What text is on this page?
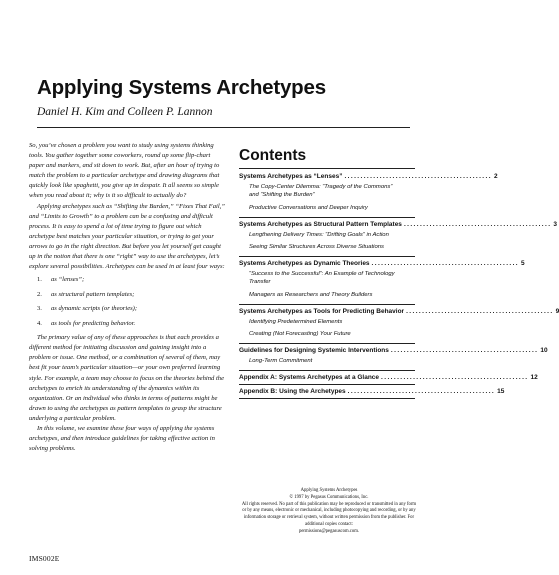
Applying Systems Archetypes
Daniel H. Kim and Colleen P. Lannon

So, you’ve chosen a problem you want to study using systems thinking tools. You gather together some coworkers, round up some flip-chart paper and markers, and sit down to work. But, after an hour of trying to match the problem to a particular archetype and drawing diagrams that quickly look like spaghetti, you give up in despair. It all seems so simple when you read about it; why is it so difficult to actually do?

Applying archetypes such as “Shifting the Burden,” “Fixes That Fail,” and “Limits to Growth” to a problem can be a confusing and difficult process. It is easy to spend a lot of time trying to figure out which archetype best matches your particular situation, or trying to get your arrows to go in the right direction. But before you let yourself get caught up in the notion that there is one “right” way to use the archetypes, let’s explore several possibilities. Archetypes can be used in at least four ways:

1. as “lenses”;
2. as structural pattern templates;
3. as dynamic scripts (or theories);
4. as tools for predicting behavior.

The primary value of any of these approaches is that each provides a different method for initiating discussion and gaining insight into a problem or issue. One method, or a combination of several of them, may best fit your team’s particular situation—or your own preferred learning style. For example, a team may choose to focus on the theories behind the archetypes to enrich its understanding of the dynamics within its organization. Or an individual who thinks in terms of patterns might be drawn to using the archetypes as pattern templates to grasp the structure underlying a particular problem.

In this volume, we examine these four ways of applying the systems archetypes, and then introduce guidelines for taking effective action in solving problems.

Contents
Systems Archetypes as “Lenses” .............................................. 2
The Copy-Center Dilemma: “Tragedy of the Commons” and “Shifting the Burden”
Productive Conversations and Deeper Inquiry
Systems Archetypes as Structural Pattern Templates .............................................. 3
Lengthening Delivery Times: “Drifting Goals” in Action
Seeing Similar Structures Across Diverse Situations
Systems Archetypes as Dynamic Theories .............................................. 5
“Success to the Successful”: An Example of Technology Transfer
Managers as Researchers and Theory Builders
Systems Archetypes as Tools for Predicting Behavior .............................................. 9
Identifying Predetermined Elements
Creating (Not Forecasting) Your Future
Guidelines for Designing Systemic Interventions .............................................. 10
Long-Term Commitment
Appendix A: Systems Archetypes at a Glance .............................................. 12
Appendix B: Using the Archetypes .............................................. 15
Applying Systems Archetypes
© 1997 by Pegasus Communications, Inc.
All rights reserved. No part of this publication may be reproduced or transmitted in any form or by any means, electronic or mechanical, including photocopying and recording, or by any information storage or retrieval system, without written permission from the publisher. For additional copies contact:
permissions@pegasuscom.com.
IMS002E
